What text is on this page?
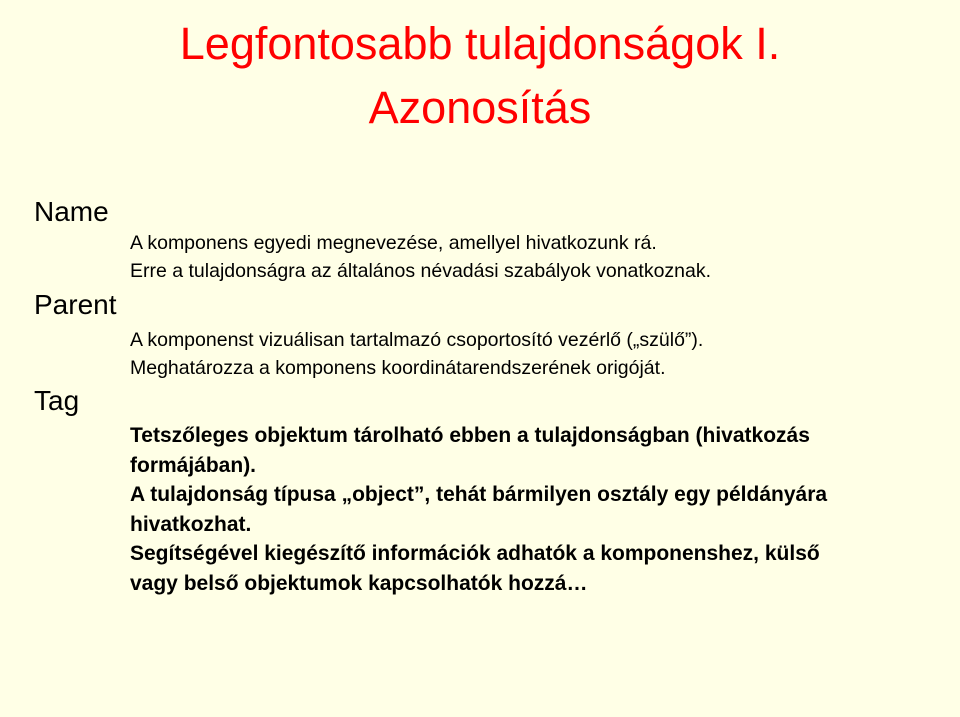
Legfontosabb tulajdonságok I.
Azonosítás
Name
A komponens egyedi megnevezése, amellyel hivatkozunk rá.
Erre a tulajdonságra az általános névadási szabályok vonatkoznak.
Parent
A komponenst vizuálisan tartalmazó csoportosító vezérlő („szülő”).
Meghatározza a komponens koordinátarendszerének origóját.
Tag
Tetszőleges objektum tárolható ebben a tulajdonságban (hivatkozás
formájában).
A tulajdonság típusa „object”, tehát bármilyen osztály egy példányára
hivatkozhat.
Segítségével kiegészítő információk adhatók a komponenshez, külső
vagy belső objektumok kapcsolhatók hozzá…
